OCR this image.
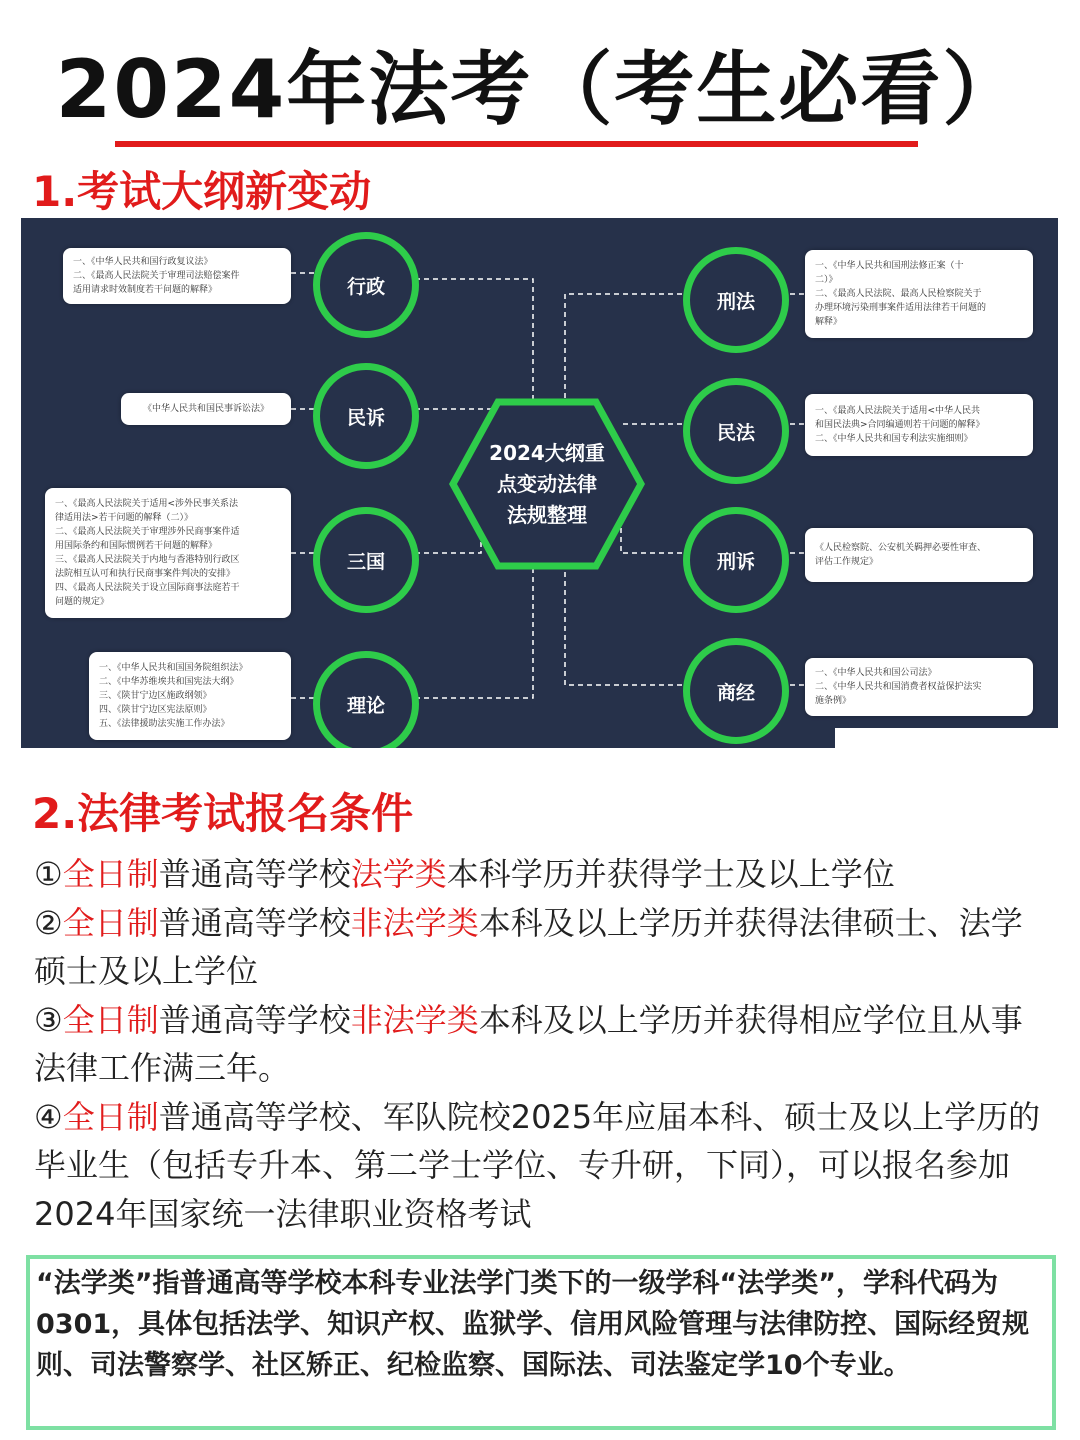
2024年法考（考生必看）
1.考试大纲新变动
一、《中华人民共和国行政复议法》
二、《最高人民法院关于审理司法赔偿案件
适用请求时效制度若干问题的解释》
《中华人民共和国民事诉讼法》
一、《最高人民法院关于适用<涉外民事关系法
律适用法>若干问题的解释（二）》
二、《最高人民法院关于审理涉外民商事案件适
用国际条约和国际惯例若干问题的解释》
三、《最高人民法院关于内地与香港特别行政区
法院相互认可和执行民商事案件判决的安排》
四、《最高人民法院关于设立国际商事法庭若干
问题的规定》
一、《中华人民共和国国务院组织法》
二、《中华苏维埃共和国宪法大纲》
三、《陕甘宁边区施政纲领》
四、《陕甘宁边区宪法原则》
五、《法律援助法实施工作办法》
一、《中华人民共和国刑法修正案（十
二）》
二、《最高人民法院、最高人民检察院关于
办理环境污染刑事案件适用法律若干问题的
解释》
一、《最高人民法院关于适用<中华人民共
和国民法典>合同编通则若干问题的解释》
二、《中华人民共和国专利法实施细则》
《人民检察院、公安机关羁押必要性审查、
评估工作规定》
一、《中华人民共和国公司法》
二、《中华人民共和国消费者权益保护法实
施条例》
行政
民诉
三国
理论
刑法
民法
刑诉
商经
2024大纲重
点变动法律
法规整理
2.法律考试报名条件

①全日制普通高等学校法学类本科学历并获得学士及以上学位

②全日制普通高等学校非法学类本科及以上学历并获得法律硕士、法学硕士及以上学位

③全日制普通高等学校非法学类本科及以上学历并获得相应学位且从事法律工作满三年。

④全日制普通高等学校、军队院校2025年应届本科、硕士及以上学历的毕业生（包括专升本、第二学士学位、专升研，下同），可以报名参加2024年国家统一法律职业资格考试

“法学类”指普通高等学校本科专业法学门类下的一级学科“法学类”，学科代码为0301，具体包括法学、知识产权、监狱学、信用风险管理与法律防控、国际经贸规则、司法警察学、社区矫正、纪检监察、国际法、司法鉴定学10个专业。
